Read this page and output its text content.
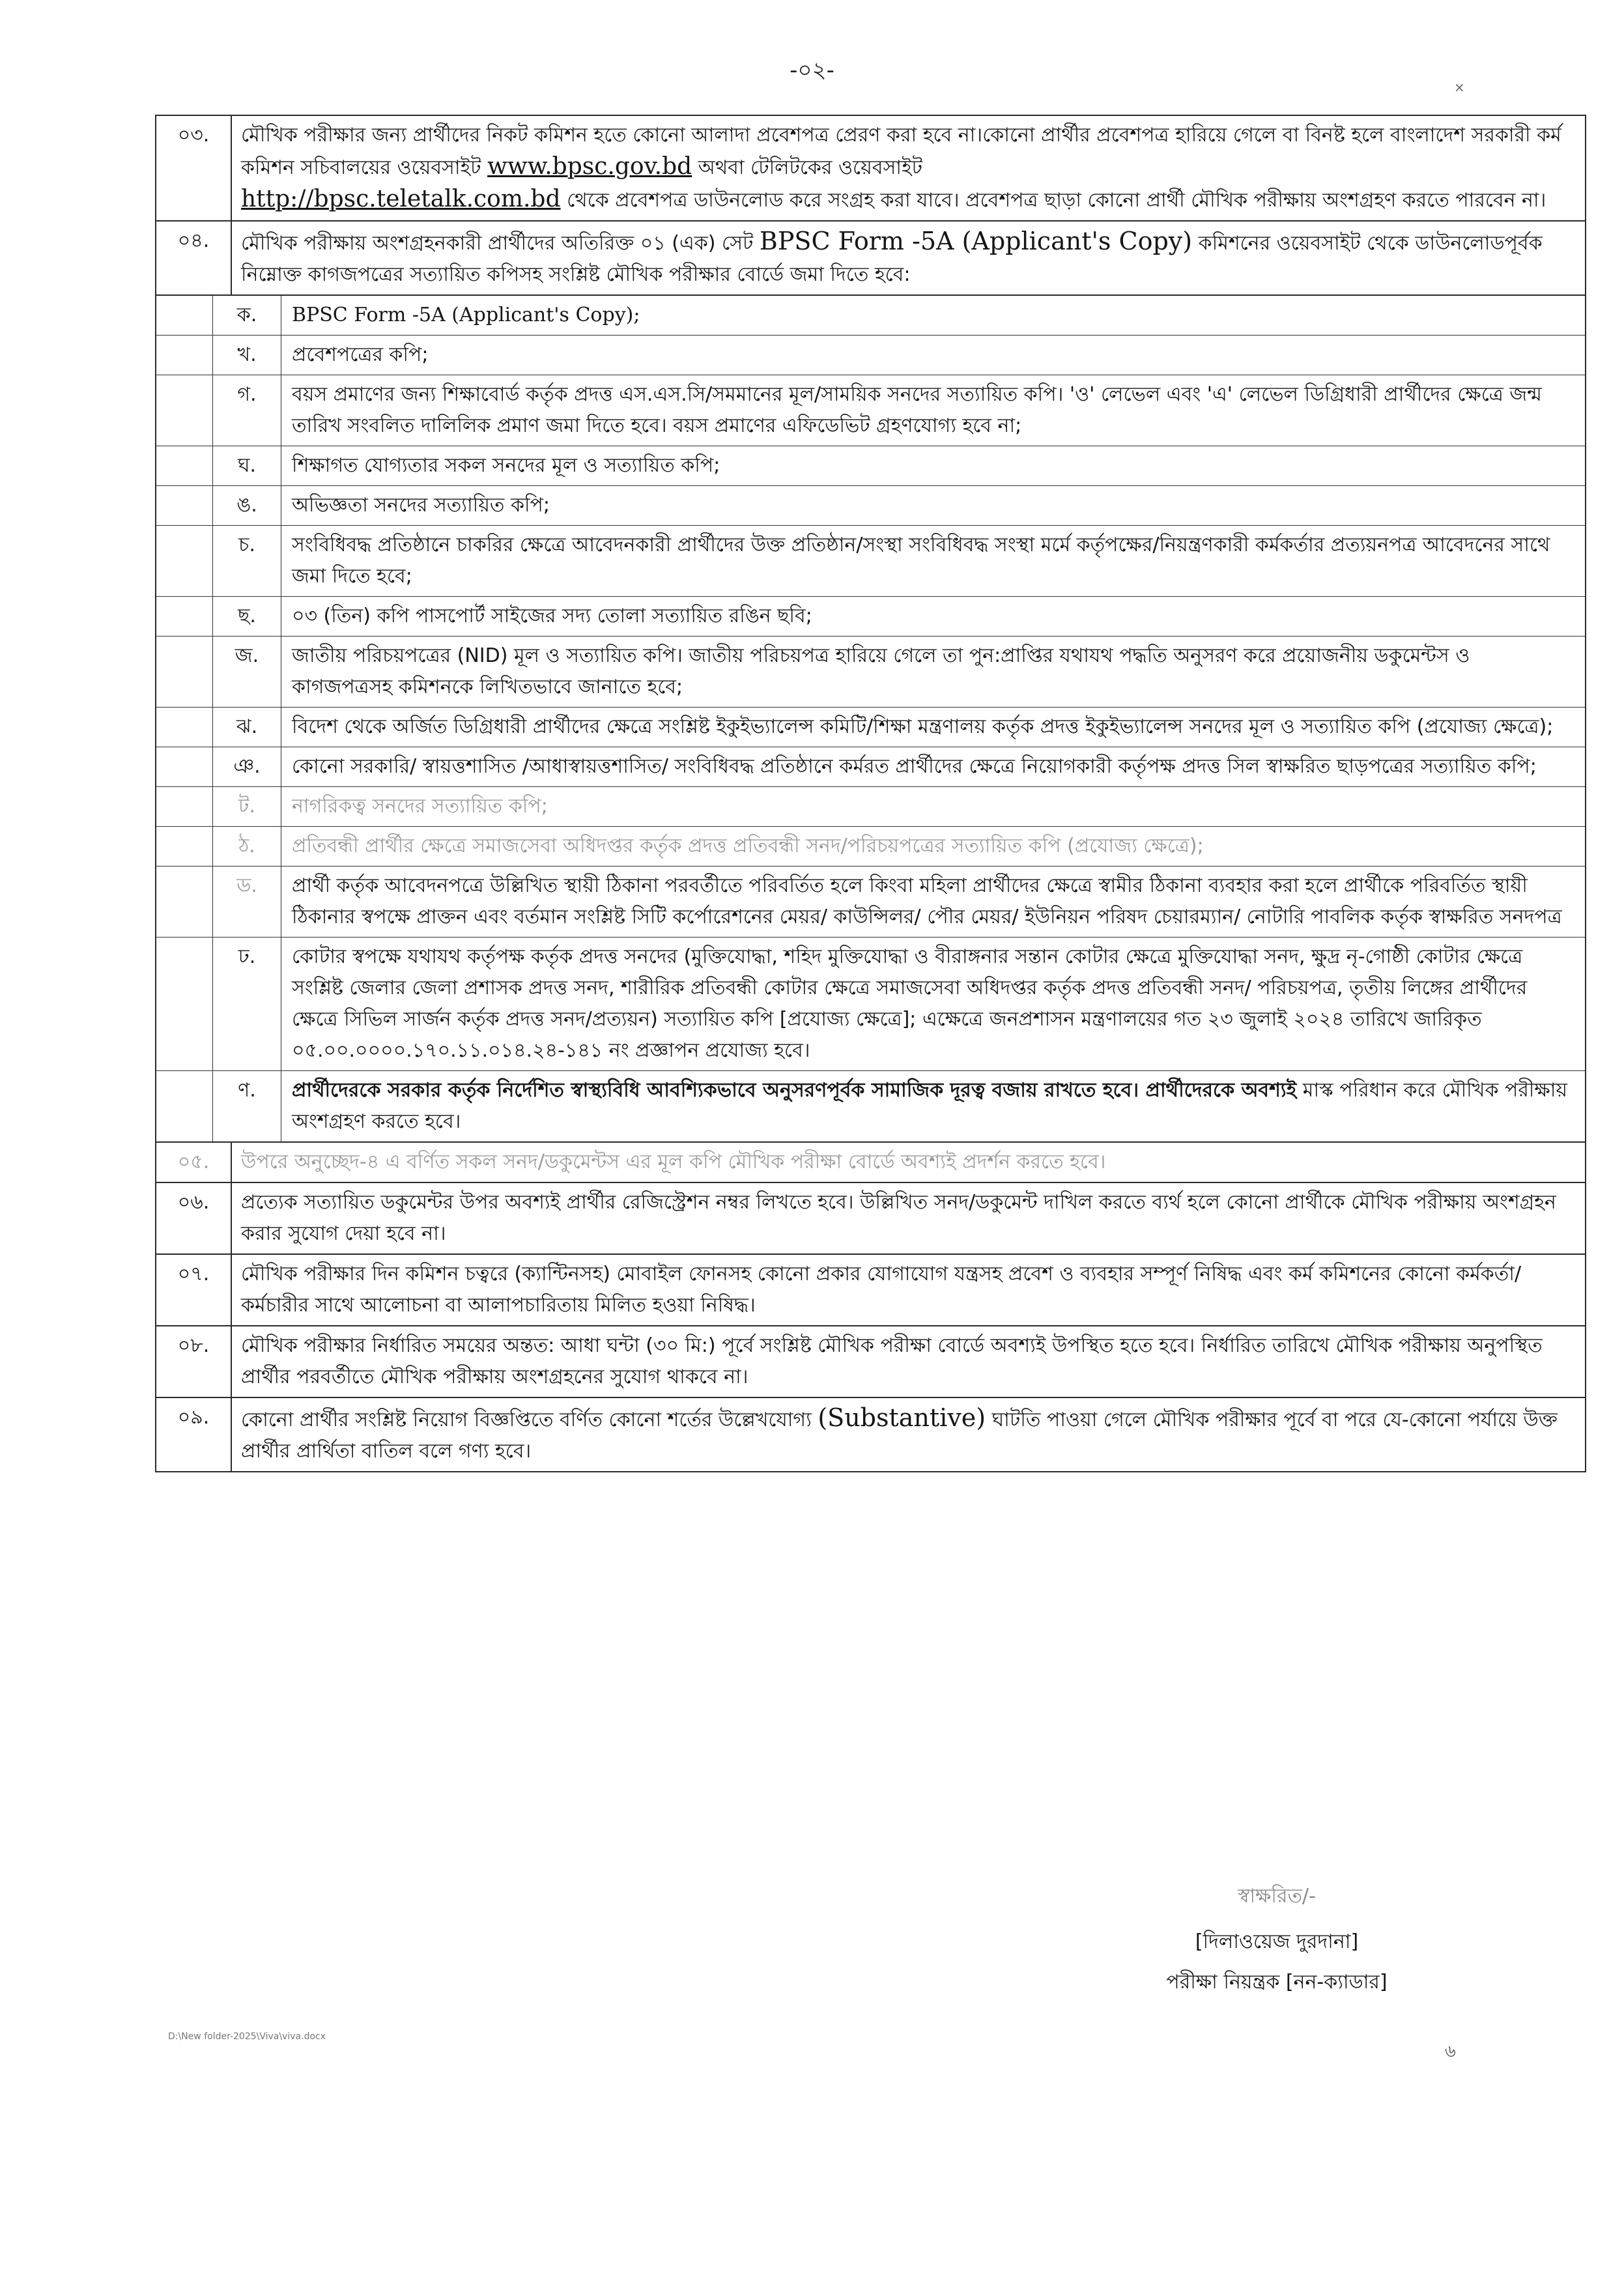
-০২-
×
০৩.	মৌখিক পরীক্ষার জন্য প্রার্থীদের নিকট কমিশন হতে কোনো আলাদা প্রবেশপত্র প্রেরণ করা হবে না।কোনো প্রার্থীর প্রবেশপত্র হারিয়ে গেলে বা বিনষ্ট হলে বাংলাদেশ সরকারী কর্ম কমিশন সচিবালয়ের ওয়েবসাইট www.bpsc.gov.bd অথবা টেলিটকের ওয়েবসাইট
http://bpsc.teletalk.com.bd থেকে প্রবেশপত্র ডাউনলোড করে সংগ্রহ করা যাবে। প্রবেশপত্র ছাড়া কোনো প্রার্থী মৌখিক পরীক্ষায় অংশগ্রহণ করতে পারবেন না।
০৪.	মৌখিক পরীক্ষায় অংশগ্রহনকারী প্রার্থীদের অতিরিক্ত ০১ (এক) সেট BPSC Form -5A (Applicant's Copy) কমিশনের ওয়েবসাইট থেকে ডাউনলোডপূর্বক নিম্নোক্ত কাগজপত্রের সত্যায়িত কপিসহ সংশ্লিষ্ট মৌখিক পরীক্ষার বোর্ডে জমা দিতে হবে:

	ক.	BPSC Form -5A (Applicant's Copy);
	খ.	প্রবেশপত্রের কপি;
	গ.	বয়স প্রমাণের জন্য শিক্ষাবোর্ড কর্তৃক প্রদত্ত এস.এস.সি/সমমানের মূল/সাময়িক সনদের সত্যায়িত কপি। 'ও' লেভেল এবং 'এ' লেভেল ডিগ্রিধারী প্রার্থীদের ক্ষেত্রে জন্ম তারিখ সংবলিত দালিলিক প্রমাণ জমা দিতে হবে। বয়স প্রমাণের এফিডেভিট গ্রহণযোগ্য হবে না;
	ঘ.	শিক্ষাগত যোগ্যতার সকল সনদের মূল ও সত্যায়িত কপি;
	ঙ.	অভিজ্ঞতা সনদের সত্যায়িত কপি;
	চ.	সংবিধিবদ্ধ প্রতিষ্ঠানে চাকরির ক্ষেত্রে আবেদনকারী প্রার্থীদের উক্ত প্রতিষ্ঠান/সংস্থা সংবিধিবদ্ধ সংস্থা মর্মে কর্তৃপক্ষের/নিয়ন্ত্রণকারী কর্মকর্তার প্রত্যয়নপত্র আবেদনের সাথে জমা দিতে হবে;
	ছ.	০৩ (তিন) কপি পাসপোর্ট সাইজের সদ্য তোলা সত্যায়িত রঙিন ছবি;
	জ.	জাতীয় পরিচয়পত্রের (NID) মূল ও সত্যায়িত কপি। জাতীয় পরিচয়পত্র হারিয়ে গেলে তা পুন:প্রাপ্তির যথাযথ পদ্ধতি অনুসরণ করে প্রয়োজনীয় ডকুমেন্টস ও কাগজপত্রসহ কমিশনকে লিখিতভাবে জানাতে হবে;
	ঝ.	বিদেশ থেকে অর্জিত ডিগ্রিধারী প্রার্থীদের ক্ষেত্রে সংশ্লিষ্ট ইকুইভ্যালেন্স কমিটি/শিক্ষা মন্ত্রণালয় কর্তৃক প্রদত্ত ইকুইভ্যালেন্স সনদের মূল ও সত্যায়িত কপি (প্রযোজ্য ক্ষেত্রে);
	ঞ.	কোনো সরকারি/ স্বায়ত্তশাসিত /আধাস্বায়ত্তশাসিত/ সংবিধিবদ্ধ প্রতিষ্ঠানে কর্মরত প্রার্থীদের ক্ষেত্রে নিয়োগকারী কর্তৃপক্ষ প্রদত্ত সিল স্বাক্ষরিত ছাড়পত্রের সত্যায়িত কপি;
	ট.	নাগরিকত্ব সনদের সত্যায়িত কপি;
	ঠ.	প্রতিবন্ধী প্রার্থীর ক্ষেত্রে সমাজসেবা অধিদপ্তর কর্তৃক প্রদত্ত প্রতিবন্ধী সনদ/পরিচয়পত্রের সত্যায়িত কপি (প্রযোজ্য ক্ষেত্রে);
	ড.	প্রার্থী কর্তৃক আবেদনপত্রে উল্লিখিত স্থায়ী ঠিকানা পরবর্তীতে পরিবর্তিত হলে কিংবা মহিলা প্রার্থীদের ক্ষেত্রে স্বামীর ঠিকানা ব্যবহার করা হলে প্রার্থীকে পরিবর্তিত স্থায়ী ঠিকানার স্বপক্ষে প্রাক্তন এবং বর্তমান সংশ্লিষ্ট সিটি কর্পোরেশনের মেয়র/ কাউন্সিলর/ পৌর মেয়র/ ইউনিয়ন পরিষদ চেয়ারম্যান/ নোটারি পাবলিক কর্তৃক স্বাক্ষরিত সনদপত্র
	ঢ.	কোটার স্বপক্ষে যথাযথ কর্তৃপক্ষ কর্তৃক প্রদত্ত সনদের (মুক্তিযোদ্ধা, শহিদ মুক্তিযোদ্ধা ও বীরাঙ্গনার সন্তান কোটার ক্ষেত্রে মুক্তিযোদ্ধা সনদ, ক্ষুদ্র নৃ-গোষ্ঠী কোটার ক্ষেত্রে সংশ্লিষ্ট জেলার জেলা প্রশাসক প্রদত্ত সনদ, শারীরিক প্রতিবন্ধী কোটার ক্ষেত্রে সমাজসেবা অধিদপ্তর কর্তৃক প্রদত্ত প্রতিবন্ধী সনদ/ পরিচয়পত্র, তৃতীয় লিঙ্গের প্রার্থীদের ক্ষেত্রে সিভিল সার্জন কর্তৃক প্রদত্ত সনদ/প্রত্যয়ন) সত্যায়িত কপি [প্রযোজ্য ক্ষেত্রে]; এক্ষেত্রে জনপ্রশাসন মন্ত্রণালয়ের গত ২৩ জুলাই ২০২৪ তারিখে জারিকৃত ০৫.০০.০০০০.১৭০.১১.০১৪.২৪-১৪১ নং প্রজ্ঞাপন প্রযোজ্য হবে।
	ণ.	প্রার্থীদেরকে সরকার কর্তৃক নির্দেশিত স্বাস্থ্যবিধি আবশ্যিকভাবে অনুসরণপূর্বক সামাজিক দূরত্ব বজায় রাখতে হবে। প্রার্থীদেরকে অবশ্যই মাস্ক পরিধান করে মৌখিক পরীক্ষায় অংশগ্রহণ করতে হবে।

০৫.	উপরে অনুচ্ছেদ-৪ এ বর্ণিত সকল সনদ/ডকুমেন্টস এর মূল কপি মৌখিক পরীক্ষা বোর্ডে অবশ্যই প্রদর্শন করতে হবে।
০৬.	প্রত্যেক সত্যায়িত ডকুমেন্টর উপর অবশ্যই প্রার্থীর রেজিস্ট্রেশন নম্বর লিখতে হবে। উল্লিখিত সনদ/ডকুমেন্ট দাখিল করতে ব্যর্থ হলে কোনো প্রার্থীকে মৌখিক পরীক্ষায় অংশগ্রহন করার সুযোগ দেয়া হবে না।
০৭.	মৌখিক পরীক্ষার দিন কমিশন চত্বরে (ক্যান্টিনসহ) মোবাইল ফোনসহ কোনো প্রকার যোগাযোগ যন্ত্রসহ প্রবেশ ও ব্যবহার সম্পূর্ণ নিষিদ্ধ এবং কর্ম কমিশনের কোনো কর্মকর্তা/কর্মচারীর সাথে আলোচনা বা আলাপচারিতায় মিলিত হওয়া নিষিদ্ধ।
০৮.	মৌখিক পরীক্ষার নির্ধারিত সময়ের অন্তত: আধা ঘন্টা (৩০ মি:) পূর্বে সংশ্লিষ্ট মৌখিক পরীক্ষা বোর্ডে অবশ্যই উপস্থিত হতে হবে। নির্ধারিত তারিখে মৌখিক পরীক্ষায় অনুপস্থিত প্রার্থীর পরবর্তীতে মৌখিক পরীক্ষায় অংশগ্রহনের সুযোগ থাকবে না।
০৯.	কোনো প্রার্থীর সংশ্লিষ্ট নিয়োগ বিজ্ঞপ্তিতে বর্ণিত কোনো শর্তের উল্লেখযোগ্য (Substantive) ঘাটতি পাওয়া গেলে মৌখিক পরীক্ষার পূর্বে বা পরে যে-কোনো পর্যায়ে উক্ত প্রার্থীর প্রার্থিতা বাতিল বলে গণ্য হবে।
স্বাক্ষরিত/-
[দিলাওয়েজ দুরদানা]
পরীক্ষা নিয়ন্ত্রক [নন-ক্যাডার]
D:\New folder-2025\Viva\viva.docx
৬
